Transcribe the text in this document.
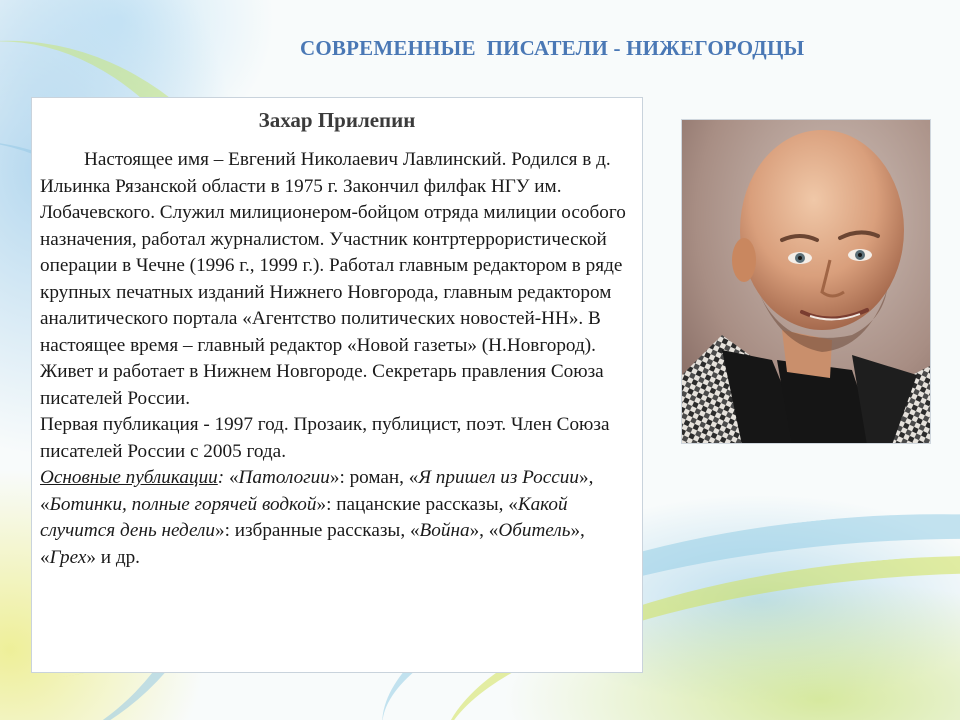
СОВРЕМЕННЫЕ  ПИСАТЕЛИ - НИЖЕГОРОДЦЫ
Захар Прилепин

Настоящее имя – Евгений Николаевич Лавлинский. Родился в д. Ильинка Рязанской области в 1975 г. Закончил филфак НГУ им. Лобачевского. Служил милиционером-бойцом отряда милиции особого назначения, работал журналистом. Участник контртеррористической операции в Чечне (1996 г., 1999 г.). Работал главным редактором в ряде крупных печатных изданий Нижнего Новгорода, главным редактором аналитического портала «Агентство политических новостей-НН». В настоящее время – главный редактор «Новой газеты» (Н.Новгород). Живет и работает в Нижнем Новгороде. Секретарь правления Союза писателей России.

Первая публикация - 1997 год. Прозаик, публицист, поэт. Член Союза писателей России с 2005 года.

Основные публикации: «Патологии»: роман, «Я пришел из России», «Ботинки, полные горячей водкой»: пацанские рассказы, «Какой случится день недели»: избранные рассказы, «Война», «Обитель», «Грех» и др.
